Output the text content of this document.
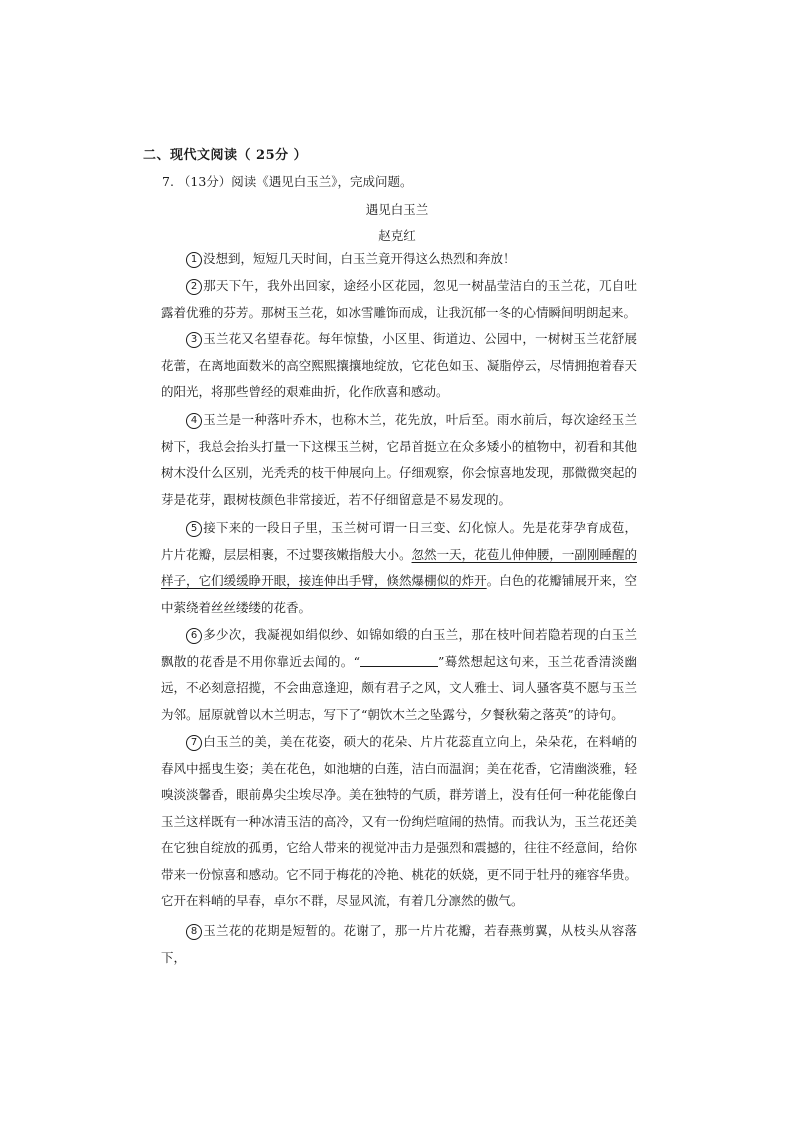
二、现代文阅读（ 25分 ）
7. （13分）阅读《遇见白玉兰》，完成问题。
遇见白玉兰
赵克红

1 没想到，短短几天时间，白玉兰竟开得这么热烈和奔放！

2 那天下午，我外出回家，途经小区花园，忽见一树晶莹洁白的玉兰花，兀自吐露着优雅的芬芳。那树玉兰花，如冰雪雕饰而成，让我沉郁一冬的心情瞬间明朗起来。

3 玉兰花又名望春花。每年惊蛰，小区里、街道边、公园中，一树树玉兰花舒展花蕾，在离地面数米的高空熙熙攘攘地绽放，它花色如玉、凝脂停云，尽情拥抱着春天的阳光，将那些曾经的艰难曲折，化作欣喜和感动。

4 玉兰是一种落叶乔木，也称木兰，花先放，叶后至。雨水前后，每次途经玉兰树下，我总会抬头打量一下这棵玉兰树，它昂首挺立在众多矮小的植物中，初看和其他树木没什么区别，光秃秃的枝干伸展向上。仔细观察，你会惊喜地发现，那微微突起的芽是花芽，跟树枝颜色非常接近，若不仔细留意是不易发现的。

5 接下来的一段日子里，玉兰树可谓一日三变、幻化惊人。先是花芽孕育成苞，片片花瓣，层层相裹，不过婴孩嫩指般大小。忽然一天，花苞儿伸伸腰，一副刚睡醒的样子，它们缓缓睁开眼，接连伸出手臂，倏然爆棚似的炸开。白色的花瓣铺展开来，空中萦绕着丝丝缕缕的花香。

6 多少次，我凝视如绢似纱、如锦如缎的白玉兰，那在枝叶间若隐若现的白玉兰飘散的花香是不用你靠近去闻的。“	”蓦然想起这句来，玉兰花香清淡幽远，不必刻意招揽，不会曲意逢迎，颇有君子之风，文人雅士、词人骚客莫不愿与玉兰为邻。屈原就曾以木兰明志，写下了“朝饮木兰之坠露兮，夕餐秋菊之落英”的诗句。

7 白玉兰的美，美在花姿，硕大的花朵、片片花蕊直立向上，朵朵花，在料峭的春风中摇曳生姿；美在花色，如池塘的白莲，洁白而温润；美在花香，它清幽淡雅，轻嗅淡淡馨香，眼前鼻尖尘埃尽净。美在独特的气质，群芳谱上，没有任何一种花能像白玉兰这样既有一种冰清玉洁的高冷，又有一份绚烂喧闹的热情。而我认为，玉兰花还美在它独自绽放的孤勇，它给人带来的视觉冲击力是强烈和震撼的，往往不经意间，给你带来一份惊喜和感动。它不同于梅花的冷艳、桃花的妖娆，更不同于牡丹的雍容华贵。它开在料峭的早春，卓尔不群，尽显风流，有着几分凛然的傲气。

8 玉兰花的花期是短暂的。花谢了，那一片片花瓣，若春燕剪翼，从枝头从容落下，
